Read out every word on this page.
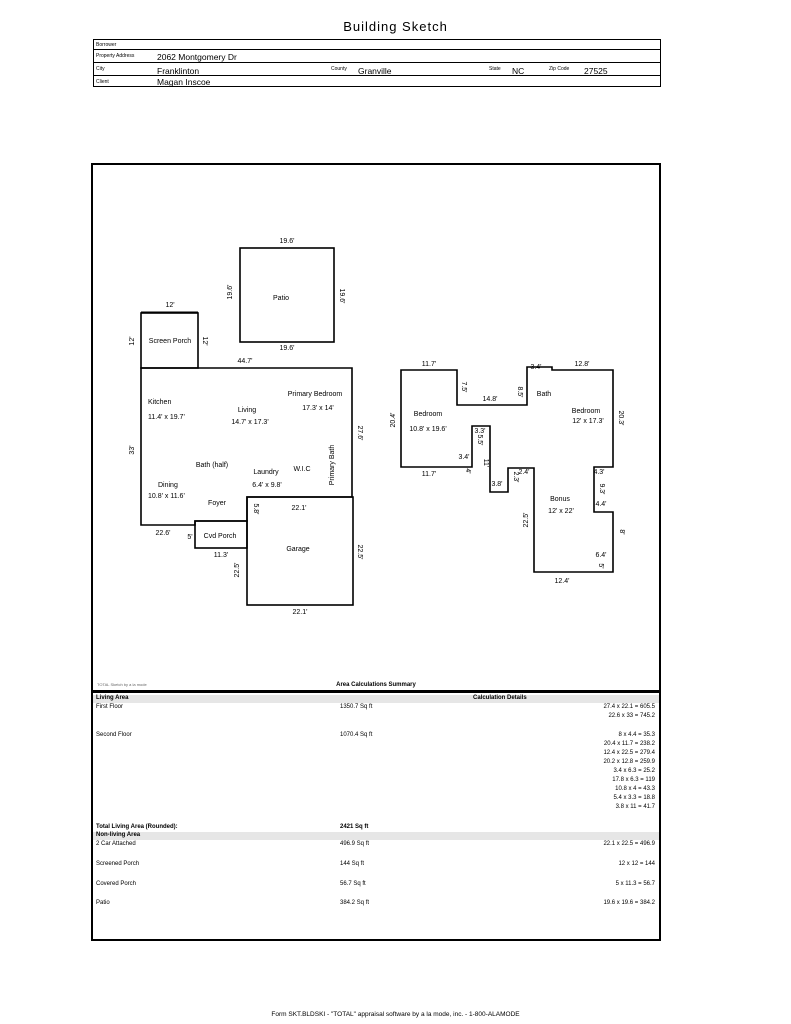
Building Sketch
Borrower
Property Address	2062 Montgomery Dr
City	Franklinton	County Granville	State NC	Zip Code 27525
Client	Magan Inscoe
19.6'
19.6'
19.6'	19.6'
Patio
12'
12'	12'
Screen Porch
44.7'
33'
27.6'
Kitchen
11.4' x 19.7'
Living
14.7' x 17.3'
Primary Bedroom
17.3' x 14'
Bath (half)
Laundry
6.4' x 9.8'
W.I.C	Primary Bath
Dining
10.8' x 11.6'
Foyer
22.6'
5' Cvd Porch
11.3'
5.8'	22.1'
22.1'
22.5'
22.5'
Garage
11.7'
7.5'
14.8'
8.5'
3.4'	12.8'
20.4'	20.3'
11.7'
3.3'
5.5'
3.4'
11'
4'
3.8'
2.3' 2.4'	4.3'
9.3'
4.4'
8'
6.4'
5'
22.5'
12.4'
Bedroom
10.8' x 19.6'
Bath
Bedroom
12' x 17.3'
Bonus
12' x 22'
TOTAL Sketch by a la mode	Area Calculations Summary
Living Area	Calculation Details
First Floor	1350.7 Sq ft	27.4 x 22.1 = 605.5
22.6 x 33 = 745.2
Second Floor	1070.4 Sq ft	8 x 4.4 = 35.3
20.4 x 11.7 = 238.2
12.4 x 22.5 = 279.4
20.2 x 12.8 = 259.9
3.4 x 6.3 = 25.2
17.8 x 6.3 = 119
10.8 x 4 = 43.3
5.4 x 3.3 = 18.8
3.8 x 11 = 41.7
Total Living Area (Rounded):	2421 Sq ft
Non-living Area
2 Car Attached	496.9 Sq ft	22.1 x 22.5 = 496.9
Screened Porch	144 Sq ft	12 x 12 = 144
Covered Porch	56.7 Sq ft	5 x 11.3 = 56.7
Patio	384.2 Sq ft	19.6 x 19.6 = 384.2
Form SKT.BLDSKI - "TOTAL" appraisal software by a la mode, inc. - 1-800-ALAMODE
